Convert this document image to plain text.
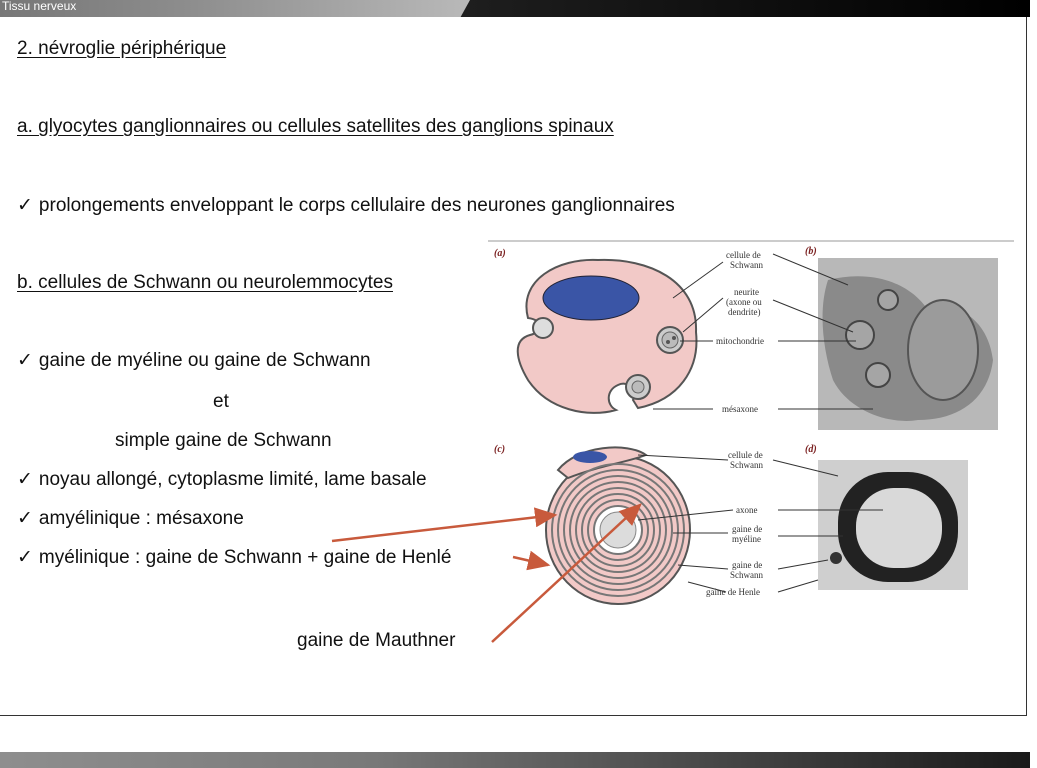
Tissu nerveux
2. névroglie périphérique
a. glyocytes ganglionnaires ou cellules satellites des ganglions spinaux
✓ prolongements enveloppant le corps cellulaire des neurones ganglionnaires
b. cellules de Schwann ou neurolemmocytes
✓ gaine de myéline ou gaine de Schwann
et
simple gaine de Schwann
✓ noyau allongé, cytoplasme limité, lame basale
✓ amyélinique : mésaxone
✓ myélinique : gaine de Schwann + gaine de Henlé
gaine de Mauthner
(a)	(b)
(c)	(d)
cellule de
Schwann
neurite
(axone ou
dendrite)
mitochondrie
mésaxone
cellule de
Schwann
axone
gaine de
myéline
gaine de
Schwann
gaine de Henle
